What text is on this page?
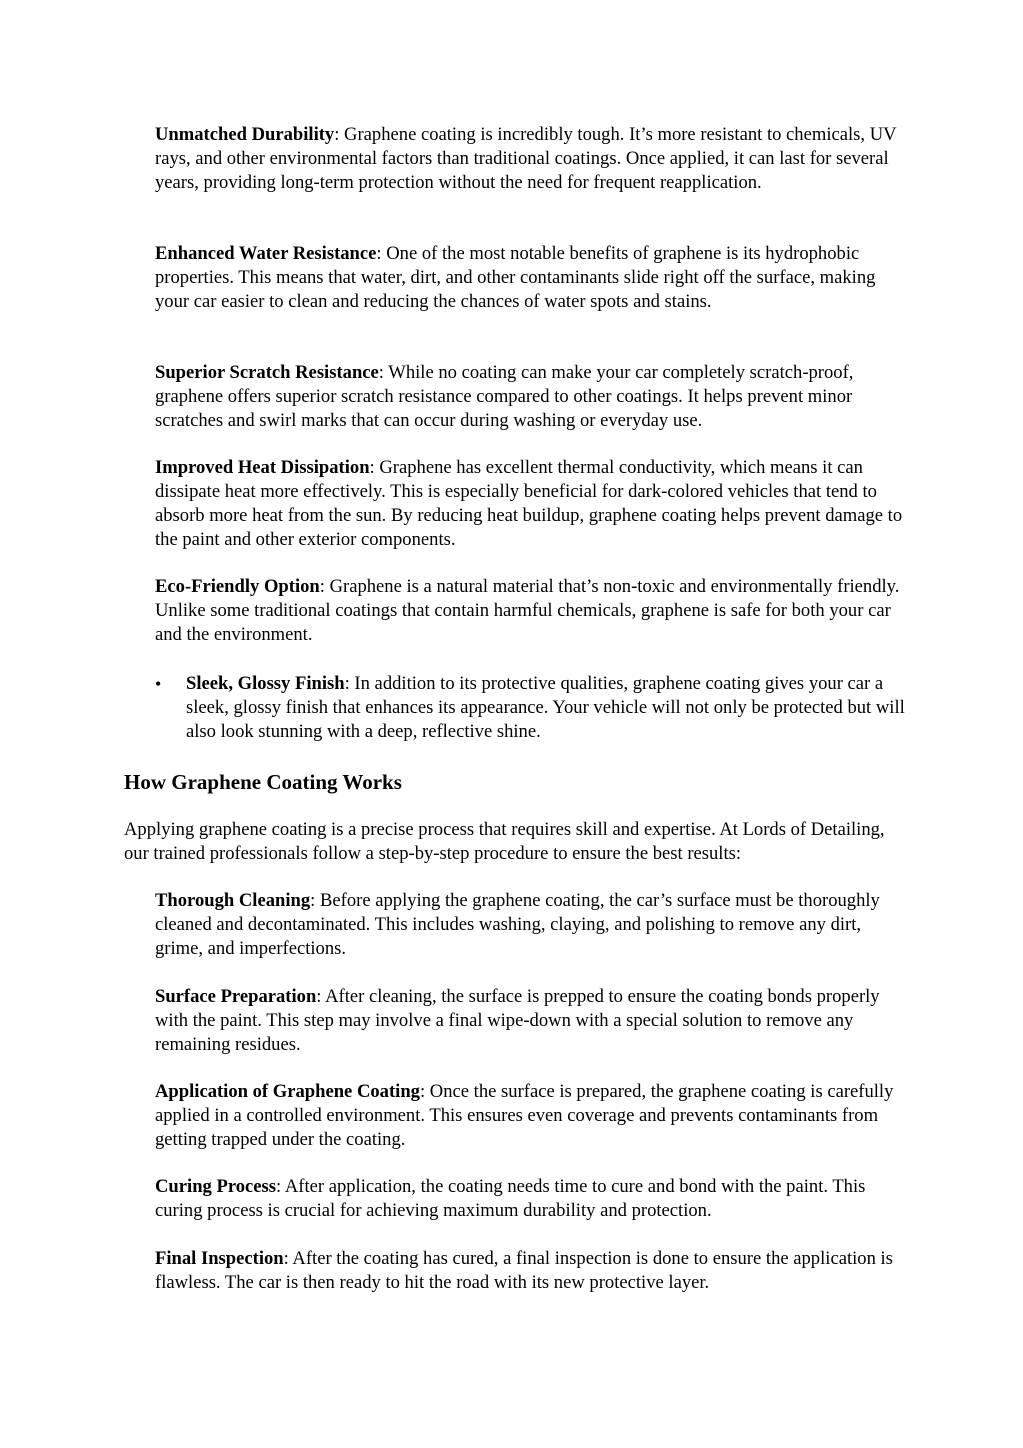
Unmatched Durability: Graphene coating is incredibly tough. It’s more resistant to chemicals, UV rays, and other environmental factors than traditional coatings. Once applied, it can last for several years, providing long-term protection without the need for frequent reapplication.

Enhanced Water Resistance: One of the most notable benefits of graphene is its hydrophobic properties. This means that water, dirt, and other contaminants slide right off the surface, making your car easier to clean and reducing the chances of water spots and stains.

Superior Scratch Resistance: While no coating can make your car completely scratch-proof, graphene offers superior scratch resistance compared to other coatings. It helps prevent minor scratches and swirl marks that can occur during washing or everyday use.

Improved Heat Dissipation: Graphene has excellent thermal conductivity, which means it can dissipate heat more effectively. This is especially beneficial for dark-colored vehicles that tend to absorb more heat from the sun. By reducing heat buildup, graphene coating helps prevent damage to the paint and other exterior components.

Eco-Friendly Option: Graphene is a natural material that’s non-toxic and environmentally friendly. Unlike some traditional coatings that contain harmful chemicals, graphene is safe for both your car and the environment.

•	Sleek, Glossy Finish: In addition to its protective qualities, graphene coating gives your car a sleek, glossy finish that enhances its appearance. Your vehicle will not only be protected but will also look stunning with a deep, reflective shine.

How Graphene Coating Works

Applying graphene coating is a precise process that requires skill and expertise. At Lords of Detailing, our trained professionals follow a step-by-step procedure to ensure the best results:

Thorough Cleaning: Before applying the graphene coating, the car’s surface must be thoroughly cleaned and decontaminated. This includes washing, claying, and polishing to remove any dirt, grime, and imperfections.

Surface Preparation: After cleaning, the surface is prepped to ensure the coating bonds properly with the paint. This step may involve a final wipe-down with a special solution to remove any remaining residues.

Application of Graphene Coating: Once the surface is prepared, the graphene coating is carefully applied in a controlled environment. This ensures even coverage and prevents contaminants from getting trapped under the coating.

Curing Process: After application, the coating needs time to cure and bond with the paint. This curing process is crucial for achieving maximum durability and protection.

Final Inspection: After the coating has cured, a final inspection is done to ensure the application is flawless. The car is then ready to hit the road with its new protective layer.
